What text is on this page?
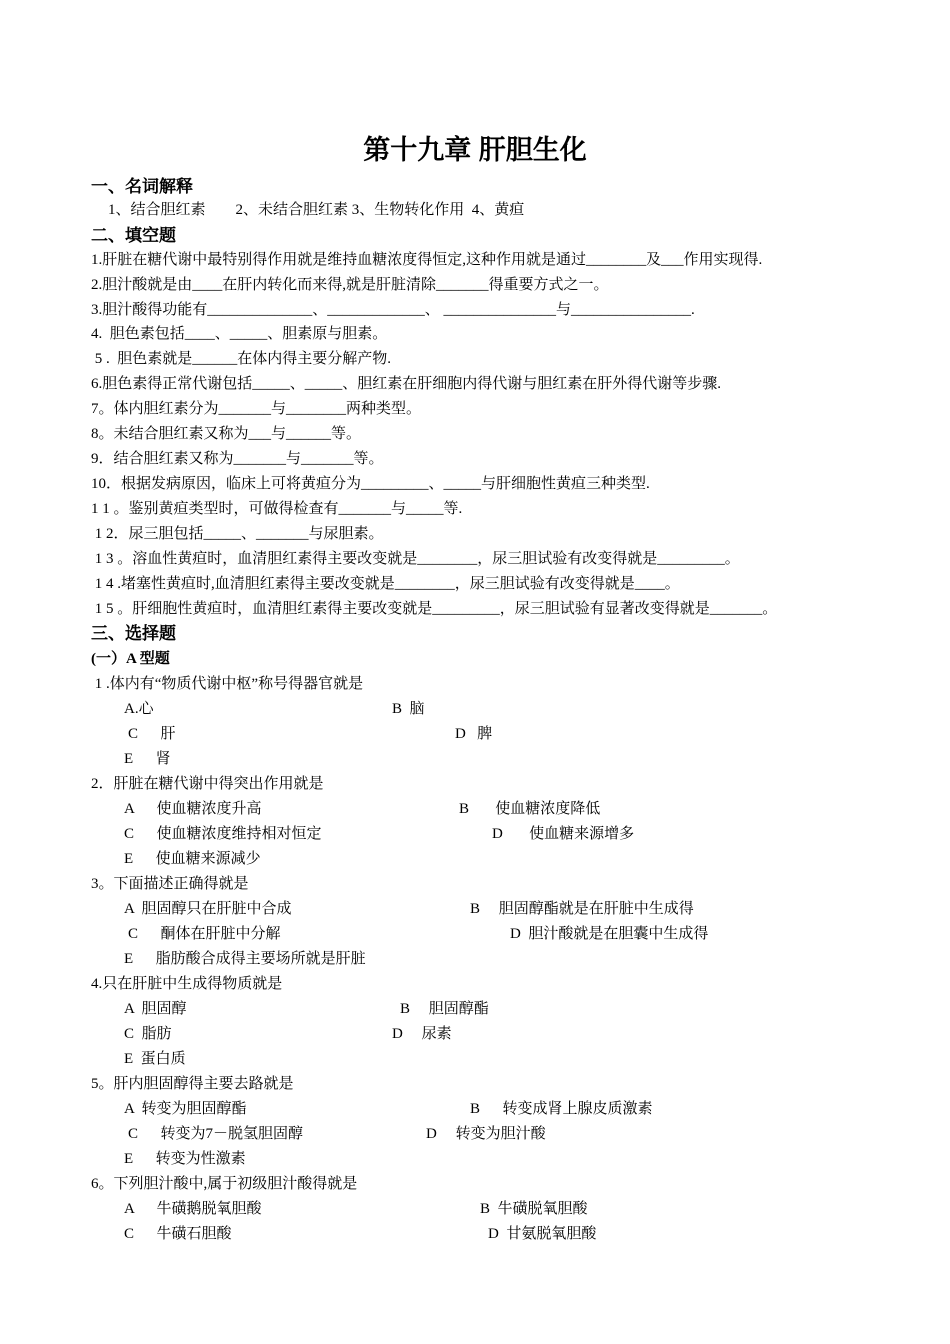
第十九章 肝胆生化
一、名词解释
1、结合胆红素        2、未结合胆红素 3、生物转化作用  4、黄疸
二、填空题
1.肝脏在糖代谢中最特别得作用就是维持血糖浓度得恒定,这种作用就是通过________及___作用实现得.
2.胆汁酸就是由____在肝内转化而来得,就是肝脏清除_______得重要方式之一。
3.胆汁酸得功能有______________、_____________、 _______________与________________.
4.  胆色素包括____、_____、胆素原与胆素。
5 .  胆色素就是______在体内得主要分解产物.
6.胆色素得正常代谢包括_____、_____、胆红素在肝细胞内得代谢与胆红素在肝外得代谢等步骤.
7。体内胆红素分为_______与________两种类型。
8。未结合胆红素又称为___与______等。
9．结合胆红素又称为_______与_______等。
10．根据发病原因，临床上可将黄疸分为_________、_____与肝细胞性黄疸三种类型.
1 1 。鉴别黄疸类型时，可做得检查有_______与_____等.
1 2．尿三胆包括_____、_______与尿胆素。
1 3 。溶血性黄疸时，血清胆红素得主要改变就是________，尿三胆试验有改变得就是_________。
1 4 .堵塞性黄疸时,血清胆红素得主要改变就是________，尿三胆试验有改变得就是____。
1 5 。肝细胞性黄疸时，血清胆红素得主要改变就是_________，尿三胆试验有显著改变得就是_______。
三、选择题
(一）A 型题
1 .体内有“物质代谢中枢”称号得器官就是
A.心	B  脑
C      肝	D   脾
E      肾
2．肝脏在糖代谢中得突出作用就是
A      使血糖浓度升高	B       使血糖浓度降低
C      使血糖浓度维持相对恒定	D       使血糖来源增多
E      使血糖来源减少
3。下面描述正确得就是
A  胆固醇只在肝脏中合成	B     胆固醇酯就是在肝脏中生成得
C      酮体在肝脏中分解	D  胆汁酸就是在胆囊中生成得
E      脂肪酸合成得主要场所就是肝脏
4.只在肝脏中生成得物质就是
A  胆固醇	B     胆固醇酯
C  脂肪	D     尿素
E  蛋白质
5。肝内胆固醇得主要去路就是
A  转变为胆固醇酯	B      转变成肾上腺皮质激素
C      转变为7－脱氢胆固醇	D     转变为胆汁酸
E      转变为性激素
6。下列胆汁酸中,属于初级胆汁酸得就是
A      牛磺鹅脱氧胆酸	B  牛磺脱氧胆酸
C      牛磺石胆酸	D  甘氨脱氧胆酸
